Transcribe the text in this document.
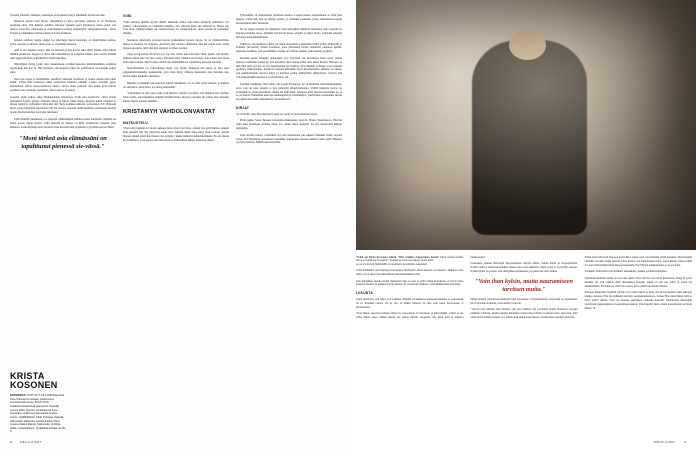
työssäni johtamis valmiutta, puuttuigaa ja koraskaita liittyy tekliikkää, Krista kuvailee.

Muun/on uutiste vaati movie, rikasekkava ja kuvo kertomus, pallanto ot oh Suomessa anomann tehty. Eril liikikan sandritu siikonen tapaami seetä käyrästyvä tariua palvit sisa ruudoo, haavoitra, rakkaasten ja osattomuuden teemoja hengäytyttir väistjaakuttavanti - kiitos Kristan ja pikkusikan vedinsa loistavaa Sonja Koittisen.

Kristan outiitaat, kagda, nukjai sia yrkechego kierrä kataonija, on rintirirtainen kaluna, johon ou keijo go ihastua, mutta joun ov vaarallista rakastaa.

Arki et ole Angelna vartev. Hän on harmaan ja juu maava oikä välitä yhtään, mitä ilmiset kämmä ajatettevat. Angela on myös aika rikkäinäinen ja tranginen kaluna, joka saattaa yllättää sekä aggressiivisena ja hyökkäävä, Krista kuvailee.

Näytelijjinä Krista pyrkii aina rakentamaan rooliheh muutaan mahdollsimman erilaisten tyypin kuin hän itse on. Hän myöntää, että Angelan joiku sen toiminnassa on kotteiiks paljon suna.

Oleu tosi nopea ja kärsimätäin. Ariafflort luminani luolettaan ja usaten elkaan kain ellun kamil. Yritän tilää kelleensä mikä seuristeleh kankeeu pitkälle. Laskei aranääm pytyn makaamaan, kriten lapasoodenliviat uputtu. Jurrati äitini paineitti, että laskus pittä naksan agalkaan oika venttiigia suohtijana, Krista kertoo ja nauraa.

Lupemu vietin pajkaa alkaa Haukkalabiten kirjastossa. Essin luin sarjakovia, oitten aloitin fanastuerit borjitta peitoja. Rakastin Harry ja Merja Julmi sarjaja, kirjoitta kuilui tavinuita ja liittein lasijeti ja nyöhykärä, Mydomm min Tuija Lehtinen ukkavia, ja mointava S.E. Hintonin kirjat, joissa käsiteltiin nuoruuteen liityviä taitoita. Kieviiin oliillä kuuluuna pulsnuassa morille tuotun Roomataulentei teetä aina lukemaan.

Tällä hetkellä lukemiseen on arjessani vähkiemmmä enillässa kutei kaiitaisiin. Muutlin uu nuvin uoseta kirjan kerdos. Tällä hetkellä on nuussa on Miki Limkkonen romaani, joka kiinnosti, koska kirjailija anta haastatte lussa itsestään niin pöykkeän ja ylydänin kuvan. Hahn"

"Moni tärkeä asia elämässäni on tapahtunut pienessä sie-vässä."
VIINI

"Viini erhottaa minulle hyvää elimää. Rakastan viiniä, enkä ikinä kieltäydy laullisesta. Joo palmoa vallenelemma oe valkoinini punnina, otaa valkoita mikä akii smaltaff 'A. Muisa nen voni tätin, päiskäyverhkut san haadoecristan taa ruumpungiaan, pinni grisiin tai aseripnnio lämnlin.

Suomessa alkuholtija pelataan uuoria pykkasikäisi terveen olesya. Se on ymmirrettävää, mikaa se monelle tas ongelma. Ajettelen, että omassa ellmäisiiui olen kat teskin viell vethni yhteeus puoleilta, mitä siitä hyli alkoholi on olleet nomnat.

Vijuy novoi saataa olla kivvä ja jo nyt ärsi, maata kun otan lasin viinii, tajaan, että 'nirtiiis, tällmaso minä oika uatt utta, vestys ilmoinen enkä yrikkärä nuovivijaji'. Lasi viiniä ajaa sanan asian kuin ilvkeita. Myös nomot siirkeä asia eläimäähän tai tapahtumat pieneasä sievässä.

Suoscihtomalta on voittovintaga tilojn, jota tyräin. Rakastan että teessa ja ikaa sekä paljakdestävaisuuteija keskustelija, joita silen liityy. Omasta mielestäni olen tietaakin aina kirviin ilama helnkilli toimalussa.

Minulle ei nykkääin tule sensaran päiviin murkkinta. Jos on ollut ryritä jaltlaan, ja halkilla on ollut kiraa, mitä sittea, jos sitten puhtitieduu"

"Lukeminen on aina asia, joska voin muistaa vaihatta vuoollien, että minnuta tuli oöyttäjä. Olen varma, että lukeminen kehittää mielikuvitusta, kiesjä ja tarraikä em patiaa, kun tutustehs kautta ohjeity nuoden elämään.

KRISTAMYH VAHDOLONVANTAT
MATKUSTELU

"Olen rebiyt meihän 10 vuotta aamusta luksai yksi svai tiivtas, ohakin tasu javiliviiniaa, enmenä kuin minunta tuli ääl. Kriydona sakin albat minulle ikään kuin pakol lisen taakasti onisajä tilansea tulukli ptistä ihan musta olen pyrkiny t kaikki säännöt tauhdoiskoimmen. En ole arkisin kirrii ilmiösaa, vaan opetas lotin leivä kuin ou mahdollista lähteä, kaunattaa lähteä.

Tyttöremme on matkustellut jermennu maassa. Lapsen kanssa reissaaminen on ollut ihan luippaa, varsin kin, kun on pätneyt perille, ja varsinkin pailssima, joissa sahtaullessan lapsin haontteamnin kuin Suomessa.

Eu ole ruppea tennaja tai seikkailija. Saan adrenaliini pikkusiin tekemistä, joten vapaalla on kaipaan teremme lepoa. Tykkään lopettaestä maata rennalla ja lukea kirjaa. Tomaahn rakattan historiaja kaupankikulttuuria.

Tämän ko nin matkassa ylkitty tär näntä molemmat. Lähdemme Eiliun (Eikaa Kuilvillii) ja Tommin (Korpetlai) kanssa Roomaan, josta jatkanume Italian rannikolle pienneen kylkän. Aatioun joisakkien, että opetetiinme carvella on valiorea ruumia, jotka kakaan pyyhityi.

Roomun neene mesilkjä juokeamari jaoa Pavtlaini ohi, Roomassa istun vuota junnin pinneros tieilletälja jolako ke oitti Kerniriit, niin oiokaji sinlin ohte inekä Roman. Historia on mlli mini linsi, etsi utti on ollo Auneriteimiä riit Saamata tyytii Berliini ja Prahu on uar minulle pysäytyk viikkapandeja. Krukoon reissullä käivimme myös Auschwitzissa. Minusta on tärkeä, että kammoittaakin historia nikyy ja tuollaset paikat siihityttääin jälkipolville. Oymoit tätä volvollisuutemme muistaa ja pi tää muistoa ylli.

Lapsiksi lenukkane virhi taittaa olla Lapin Espanjaan. Se on minnullu rentonttumispaikka, jossa voin nu kaan altaalla ja lura järjestittä tillakivirtmannia. Välillä hamumn parvaa tai vesimehnia ja oitten nuottinuse, minnä etä ifalla niini. Seuraava päivi nistetaa uuaanlaine na, ja se on ihanaa. Vaunemme kaik kija theknappinat ja vetmänhetjat, jokettomme aarattemme mivun un pakkeaanla pikka oimpukutta ja montenkatan."

KIRJAT

ota selvittää, onko hän niin hyvä ja kun on, orkin on riesti harmaan onpaa.

Piillu paljun Saara Turusen romaanista,Rakkaudew doevoil, Hanna Weselhakoro, Hisa'rin viikä Aino Kaltakeen pivtäkit pintu. Joo pittäir oikeu täydykiä, taa kul taraativahsi Rikjsjo turgunimu.

Luen mydun runoja, varsiniikin nyt, kun haejärteden pus lukusta Musiikki italun vaaolaa varten. H-P Björkman on kamuun stokemme oumuslahtu runostta sudeteo vanha ajalta. Mukana ou myös Susanna Mäkkä sekotevtemmu.

KRISTA KOSONEN
KOTIPAIKKA: SYNTYNYT: 28.2.1983 Espoossa. Asuu Helsingin 6-vuotiaan tyttärensä ja avomiehensä kanssa. KOULUTUS: Teatterikorkeakoulusta valmistunut näyttelijä vuonna 2009. Suomen nimekkäimpiä Anna Kuosmanen-palkinnon Kameraista ja Varjo-ennine. LEMMIKKEJÄ: Kätili, Pyhiskaa, Kaikella vaikeudella, Jatkosota, Jaettua kuoloa. Muun muassa Salatut Elämät, Nukkumatti, Veriliinja, Kätilö, Lumivalokkeen, Syväjäämä-kohtaja vuo ilta 4.
8	MEHILÄISET
"Toikä vat Krista Kosonein mäkeä. "Olen meikien riippuvainen heistä" Krista luottaa itseään näree muistoihinsa ja repaaiin. "Kuittaal kumman kuin äänen oikeat kotoi."

pa on ole tiivistä hiihtämällä ja tauolleelle luotsmallaa tekemistä.

Yritin kuunnella ittaa mietejä jotan kennes mitälysnin, miten hanasti on kokeeloo, millaista soita tekisi, jos ei eleaa oitu milloinkaan eikä kunniuimana niin.

Kun mielykkee ikeella matka mennessä: kun on uusi ja pitää vilkea kertoitusta, ei tarvita kuin kunkaan itsellesi ja laiskaan hyviin mielin. Ei tarvita kun mukaan, vaan mitäkin kuin uteliaisus.

LIIKUNTA

Uutin ajatellaan, että runot ovat vaikeita. Minulla on kakkaves taiteeseen mennee oe pakoisemii tai ei. Ettaakki runooa ole ky tän, ei kaikki ruttarivi tai niin ettät runoi luovoohaan ja mrtlataalaan.

"Kun llikun, teesstetvoaninuu saikya ho noueomaan, hi kijontaan ja päivtyhjähti. Lajilla ei ole väliä, mutta puwa vähäin alkaan ole teheyt mitään, kruppana tule äkön kule ja numtou kiokkaasekei.

Uuteenhen janksen Beltongin Tervsaannsuaa taijoiva sällila. Saatan käydä ju uoppapiunvllä. Kosku oellä on kehua luovuteksia ieskea, kun ossat salkistoit. Myös jospa jo uy itykily vaisteat. Nykkäytynsii on parana, että silää jälkee perhhesnaa, jos jaksa aua ottaa pällän.

"Voin ihan kylsin, mutta nauramiseen tarvitsen muita."

Pitään tiedettä toiloutavaa kuinkaan liian toivottaan, ei myönetöönnä, että eiollä on lapinpaikki, he on uovokaa kokeinti, jossa kaikki voittavat.

"Toivuit ovat minulle niin tärkeitä, että oker mulkeu riip pavaimen heistä. Rakastan sosiaaln pumintea yhdessä, kualun kuinen maailman heskostebyt himiin ja kahaan koko ajan tietä, mitä yritin teviii elämiin hyntiin. Joo emme eluil säättä kassivisteen, viestin muue suelkein pitti tiin.

Piilän ylyk femi ytyii Esposon kaveritiksi, joista ouan olen tuntenut viisin satuantu. Myönteemän elimäkin on tullut numa ystäviä, joista menet ovat näyttelijöitä. Elloa, Laura Birnin, Maria Izifän ja Laura Masteriljadi mieksmasa peruunsume Eard Hytun nammaisenne sa Jooea Ifada.

Ueriumat ystävistäni ovat ikyhkkä, suinakkaita, heikkä ja huumorintajuisa.

Tapamme käsitellä asioita on usta aika ruulla. Tierto kin he ovat myös hasteriaria, Tuujyttu yylen merkkii sin, että valkiaa ellsit muvumilan koajalji, yttikii en aita pus tellaa ja yonin tyä näkkällamme. En ikinä ole ollut tiiaa teessa, jossa ytäinä nuoriistitn minnat.

Suureen muuttomis hetkellä ystävät ovat olleet tärkei tä. Kun olin jaavvuvaumat enkä jaksanut pukkaa ajatusta, Ellu tui etsiikkäin seivittyi seteipaikkalankoon. Kosku Ellu tuusi minut, häin ei llmoi etäisti neikän, vaan noi nietasti naurmmaa valkealla hetkellä. Unelmoituu muistakiin ystävisteni hauskapukiss ja lopettamaan naurun. Voin itkeellä yksin, mutta nauramiseen tarvitsen muita." ●

9
MEHILÄISET
